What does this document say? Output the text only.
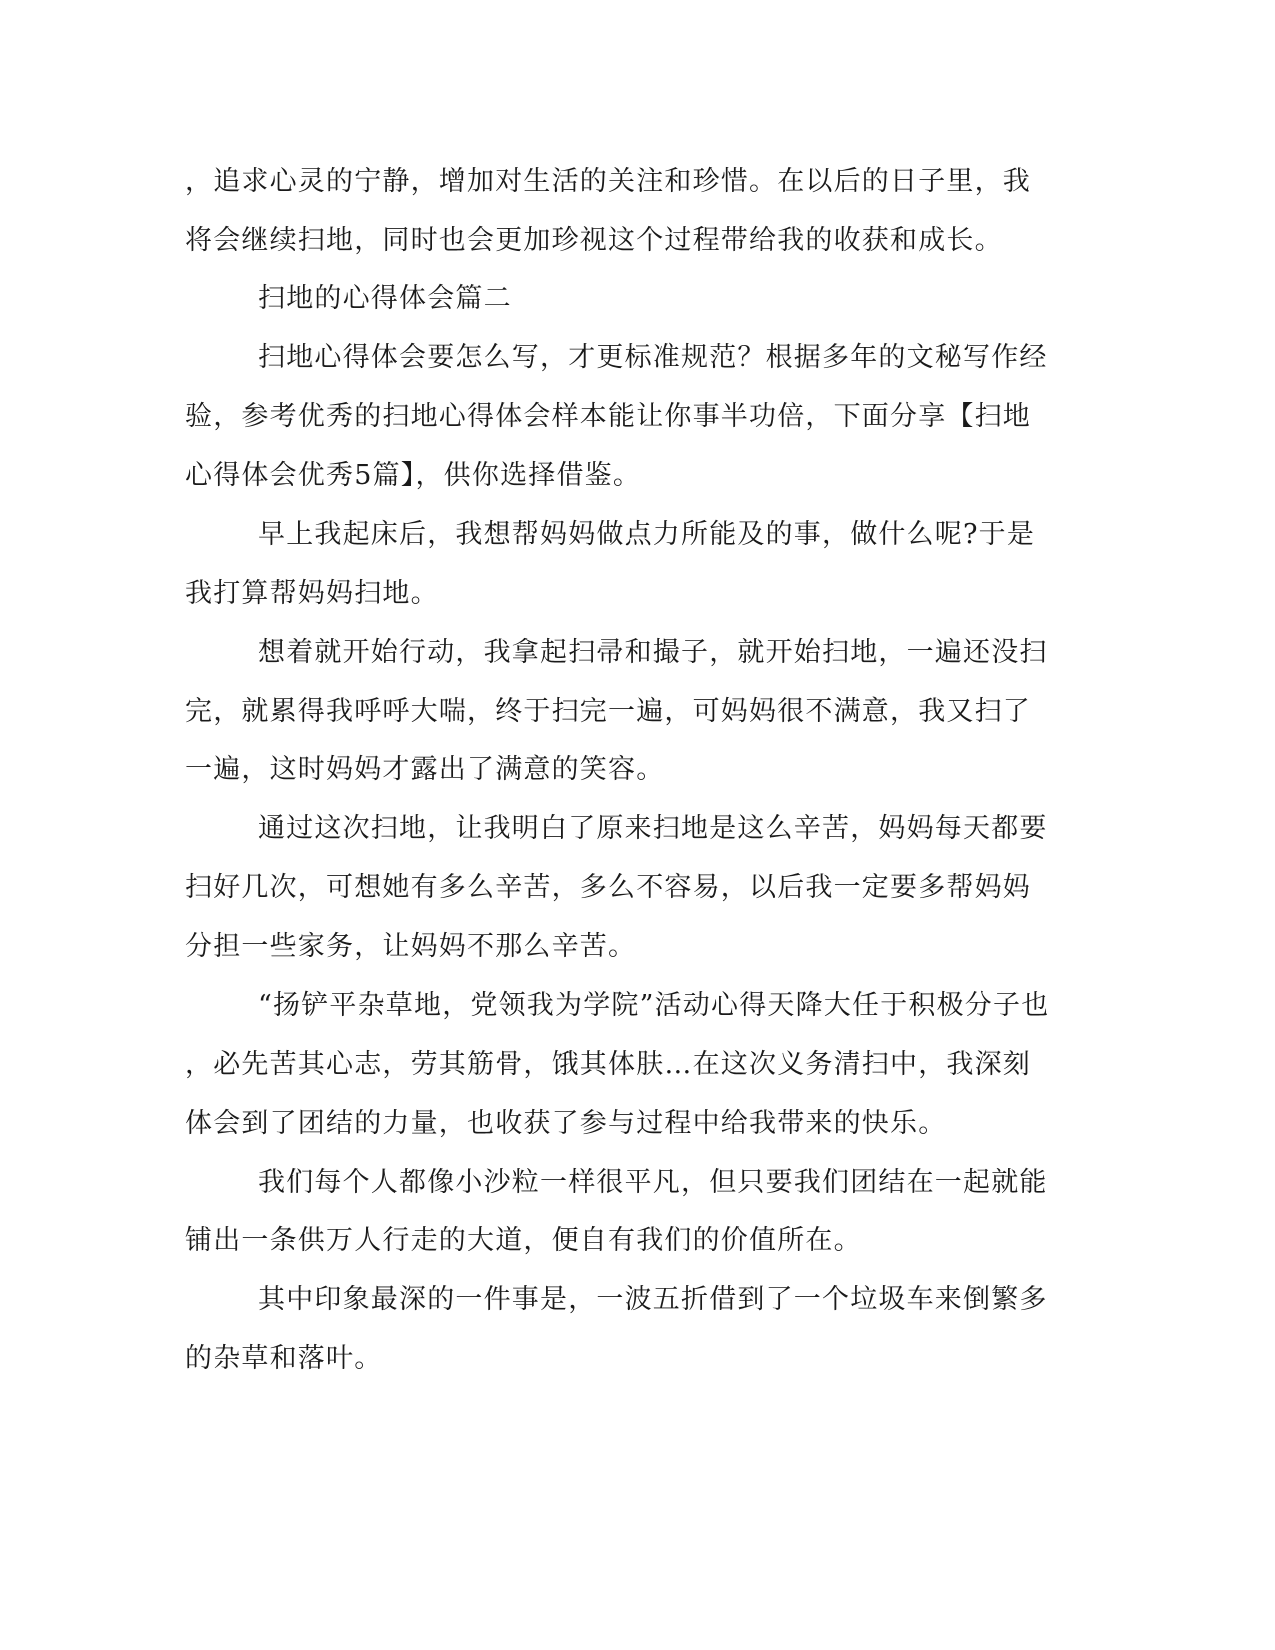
，追求心灵的宁静，增加对生活的关注和珍惜。在以后的日子里，我
将会继续扫地，同时也会更加珍视这个过程带给我的收获和成长。
扫地的心得体会篇二
扫地心得体会要怎么写，才更标准规范？根据多年的文秘写作经
验，参考优秀的扫地心得体会样本能让你事半功倍，下面分享【扫地
心得体会优秀5篇】，供你选择借鉴。
早上我起床后，我想帮妈妈做点力所能及的事，做什么呢?于是
我打算帮妈妈扫地。
想着就开始行动，我拿起扫帚和撮子，就开始扫地，一遍还没扫
完，就累得我呼呼大喘，终于扫完一遍，可妈妈很不满意，我又扫了
一遍，这时妈妈才露出了满意的笑容。
通过这次扫地，让我明白了原来扫地是这么辛苦，妈妈每天都要
扫好几次，可想她有多么辛苦，多么不容易，以后我一定要多帮妈妈
分担一些家务，让妈妈不那么辛苦。
“扬铲平杂草地，党领我为学院”活动心得天降大任于积极分子也
，必先苦其心志，劳其筋骨，饿其体肤…在这次义务清扫中，我深刻
体会到了团结的力量，也收获了参与过程中给我带来的快乐。
我们每个人都像小沙粒一样很平凡，但只要我们团结在一起就能
铺出一条供万人行走的大道，便自有我们的价值所在。
其中印象最深的一件事是，一波五折借到了一个垃圾车来倒繁多
的杂草和落叶。
